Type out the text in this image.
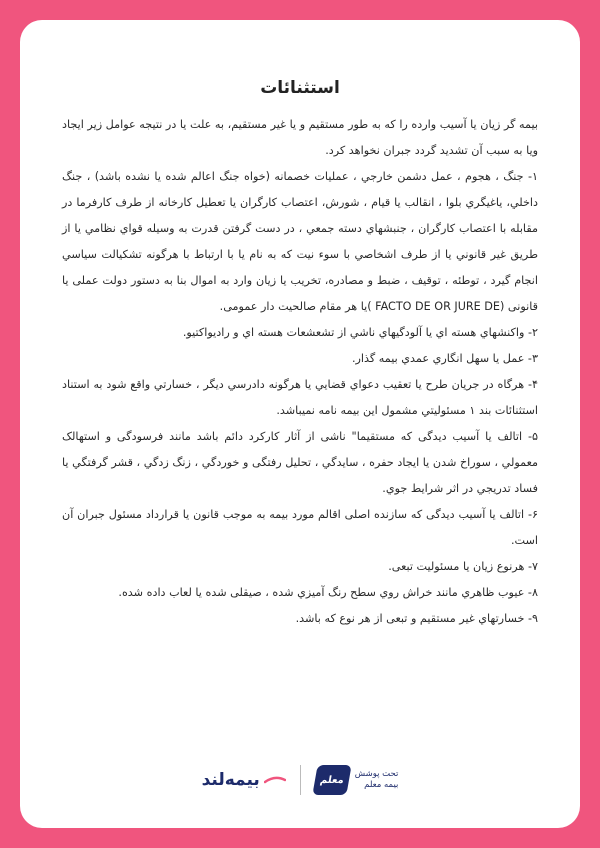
استثنائات

بیمه گر زیان یا آسیب وارده را که به طور مستقیم و یا غیر مستقیم، به علت یا در نتیجه عوامل زیر ایجاد ویا به سبب آن تشدید گردد جبران نخواهد کرد.

۱- جنگ ، هجوم ، عمل دشمن خارجي ، عملیات خصمانه (خواه جنگ اعالم شده یا نشده باشد) ، جنگ داخلي، یاغیگري بلوا ، انقالب یا قیام ، شورش، اعتصاب کارگران یا تعطیل کارخانه از طرف کارفرما در مقابله با اعتصاب کارگران ، جنبشهاي دسته جمعي ، در دست گرفتن قدرت به وسیله قواي نظامي یا از طریق غیر قانوني یا از طرف اشخاصي با سوء نیت که به نام یا با ارتباط با هرگونه تشکیالت سیاسي انجام گیرد ، توطئه ، توقیف ، ضبط و مصادره، تخریب یا زیان وارد به اموال بنا به دستور دولت عملی یا قانونی (FACTO DE OR JURE DE )یا هر مقام صالحیت دار عمومی.

۲- واکنشهاي هسته اي یا آلودگیهاي ناشي از تشعشعات هسته اي و رادیواکتیو.

۳- عمل یا سهل انگاري عمدي بیمه گذار.

۴- هرگاه در جریان طرح یا تعقیب دعواي قضایي یا هرگونه دادرسي دیگر ، خسارتي واقع شود به استناد استثنائات بند ۱ مسئولیتي مشمول این بیمه نامه نمیباشد.

۵- اتالف یا آسیب دیدگی که مستقیما" ناشی از آثار کارکرد دائم باشد مانند فرسودگی و استهالک معمولي ، سوراخ شدن یا ایجاد حفره ، سایدگي ، تحلیل رفتگی و خوردگي ، زنگ زدگي ، قشر گرفتگي یا فساد تدریجي در اثر شرایط جوي.

۶- اتالف یا آسیب دیدگی که سازنده اصلی اقالم مورد بیمه به موجب قانون یا قرارداد مسئول جبران آن است.

۷- هرنوع زیان یا مسئولیت تبعی.

۸- عیوب ظاهري مانند خراش روي سطح رنگ آمیزي شده ، صیقلی شده یا لعاب داده شده.

۹- خسارتهاي غیر مستقیم و تبعی از هر نوع که باشد.

بیمه‌لند	معلم
تحت پوشش
بیمه معلم
